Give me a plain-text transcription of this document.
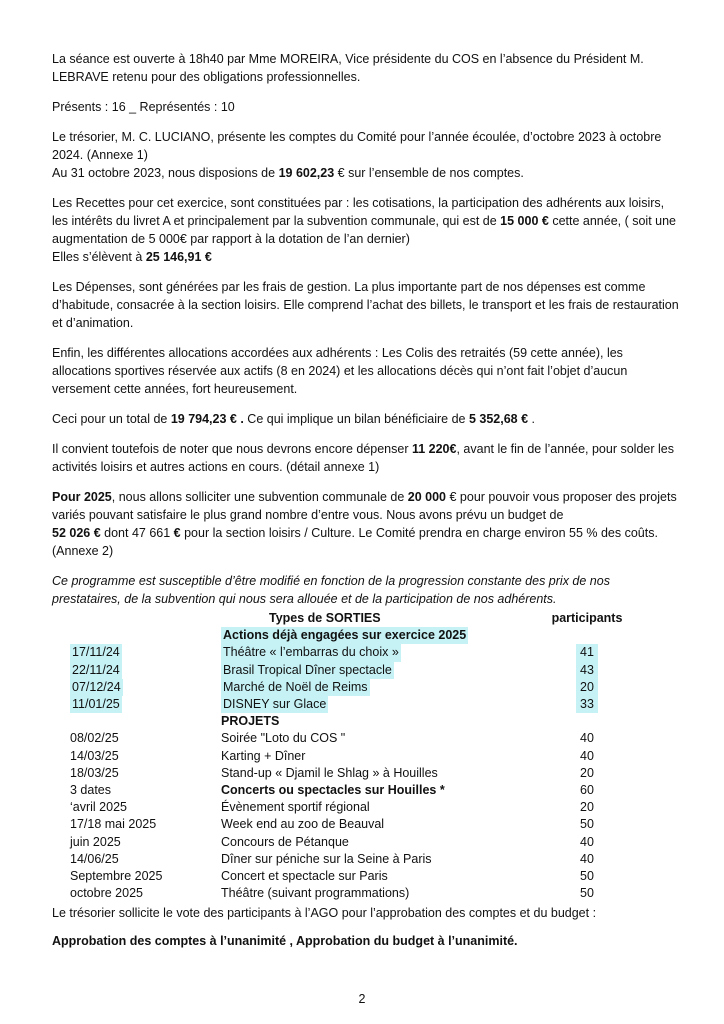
La séance est ouverte à 18h40 par Mme MOREIRA, Vice présidente du COS en l’absence du Président M. LEBRAVE retenu pour des obligations professionnelles.

Présents : 16 _ Représentés : 10

Le trésorier, M. C. LUCIANO, présente les comptes du Comité pour l’année écoulée, d’octobre 2023 à octobre 2024. (Annexe 1)
Au 31 octobre 2023, nous disposions de 19 602,23 € sur l’ensemble de nos comptes.

Les Recettes pour cet exercice, sont constituées par : les cotisations, la participation des adhérents aux loisirs, les intérêts du livret A et principalement par la subvention communale, qui est de 15 000 € cette année, ( soit une augmentation de 5 000€ par rapport à la dotation de l’an dernier)
Elles s’élèvent à 25 146,91 €

Les Dépenses, sont générées par les frais de gestion. La plus importante part de nos dépenses est comme d’habitude, consacrée à la section loisirs. Elle comprend l’achat des billets, le transport et les frais de restauration et d’animation.

Enfin, les différentes allocations accordées aux adhérents : Les Colis des retraités (59 cette année), les allocations sportives réservée aux actifs (8 en 2024) et les allocations décès qui n’ont fait l’objet d’aucun versement cette années, fort heureusement.

Ceci pour un total de 19 794,23 € . Ce qui implique un bilan bénéficiaire de 5 352,68 € .

Il convient toutefois de noter que nous devrons encore dépenser 11 220€, avant le fin de l’année, pour solder les activités loisirs et autres actions en cours. (détail annexe 1)

Pour 2025, nous allons solliciter une subvention communale de 20 000 € pour pouvoir vous proposer des projets variés pouvant satisfaire le plus grand nombre d’entre vous. Nous avons prévu un budget de
52 026 € dont 47 661 € pour la section loisirs / Culture. Le Comité prendra en charge environ 55 % des coûts.
(Annexe 2)

Ce programme est susceptible d’être modifié en fonction de la progression constante des prix de nos prestataires, de la subvention qui nous sera allouée et de la participation de nos adhérents.

	Types de SORTIES	participants
	Actions déjà engagées sur exercice 2025	
17/11/24	Théâtre « l’embarras du choix »	41
22/11/24	Brasil Tropical Dîner spectacle	43
07/12/24	Marché de Noël de Reims	20
11/01/25	DISNEY sur Glace	33
	PROJETS	
08/02/25	Soirée "Loto du COS "	40
14/03/25	Karting + Dîner	40
18/03/25	Stand-up « Djamil le Shlag » à Houilles	20
3 dates	Concerts ou spectacles sur Houilles *	60
‘avril 2025	Évènement sportif régional	20
17/18 mai 2025	Week end au zoo de Beauval	50
juin 2025	Concours de Pétanque	40
14/06/25	Dîner sur péniche sur la Seine à Paris	40
Septembre 2025	Concert et spectacle sur Paris	50
octobre 2025	Théâtre (suivant programmations)	50

Le trésorier sollicite le vote des participants à l’AGO pour l’approbation des comptes et du budget :

Approbation des comptes à l’unanimité , Approbation du budget à l’unanimité.

2
